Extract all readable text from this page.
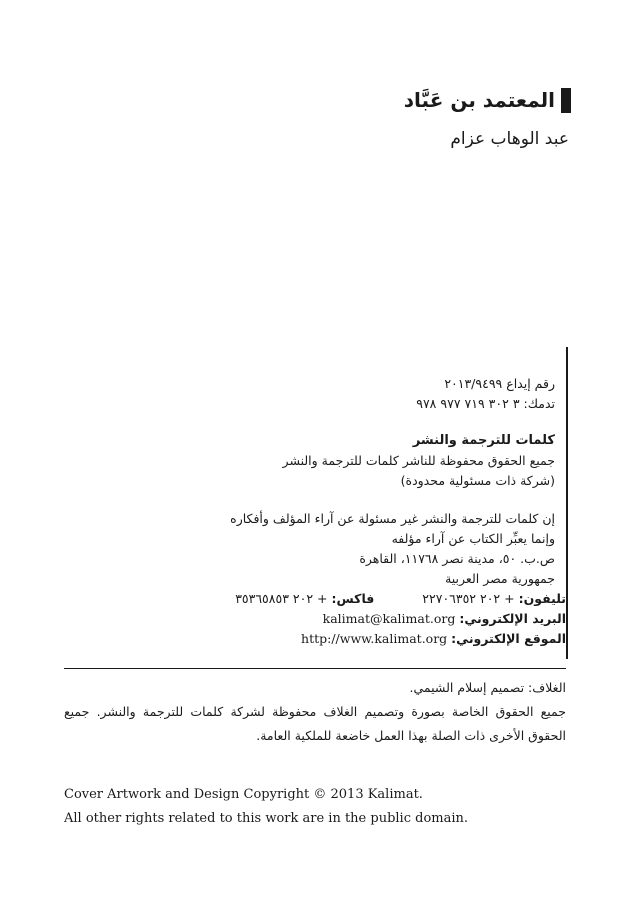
المعتمد بن عَبَّاد
عبد الوهاب عزام
رقم إيداع ٢٠١٣/٩٤٩٩
تدمك: ٣ ٣٠٢ ٧١٩ ٩٧٧ ٩٧٨
كلمات للترجمة والنشر
جميع الحقوق محفوظة للناشر كلمات للترجمة والنشر
(شركة ذات مسئولية محدودة)
إن كلمات للترجمة والنشر غير مسئولة عن آراء المؤلف وأفكاره
وإنما يعبِّر الكتاب عن آراء مؤلفه
ص.ب. ٥٠، مدينة نصر ١١٧٦٨، القاهرة
جمهورية مصر العربية
تليفون: + ٢٠٢ ٢٢٧٠٦٣٥٢  فاكس: + ٢٠٢ ٣٥٣٦٥٨٥٣
البريد الإلكتروني: kalimat@kalimat.org
الموقع الإلكتروني: http://www.kalimat.org
الغلاف: تصميم إسلام الشيمي.
جميع الحقوق الخاصة بصورة وتصميم الغلاف محفوظة لشركة كلمات للترجمة والنشر. جميع الحقوق الأخرى ذات الصلة بهذا العمل خاضعة للملكية العامة.
Cover Artwork and Design Copyright © 2013 Kalimat.
All other rights related to this work are in the public domain.
